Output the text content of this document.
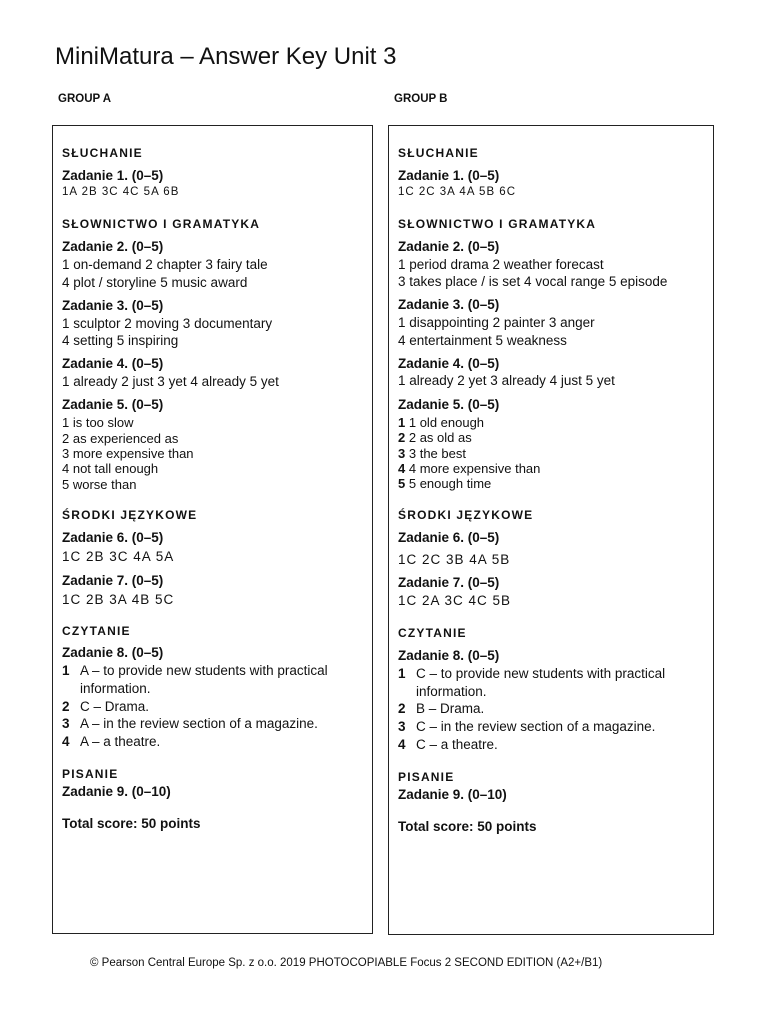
MiniMatura – Answer Key Unit 3
GROUP A	GROUP B
SŁUCHANIE
Zadanie 1. (0–5)
1A 2B 3C 4C 5A 6B
SŁOWNICTWO I GRAMATYKA
Zadanie 2. (0–5)
1 on-demand 2 chapter 3 fairy tale
4 plot / storyline 5 music award
Zadanie 3. (0–5)
1 sculptor 2 moving 3 documentary
4 setting 5 inspiring
Zadanie 4. (0–5)
1 already 2 just 3 yet 4 already 5 yet
Zadanie 5. (0–5)
1 is too slow
2 as experienced as
3 more expensive than
4 not tall enough
5 worse than
ŚRODKI JĘZYKOWE
Zadanie 6. (0–5)
1C 2B 3C 4A 5A
Zadanie 7. (0–5)
1C 2B 3A 4B 5C
CZYTANIE
Zadanie 8. (0–5)
1 A – to provide new students with practical
information.
2 C – Drama.
3 A – in the review section of a magazine.
4 A – a theatre.
PISANIE
Zadanie 9. (0–10)
Total score: 50 points
SŁUCHANIE
Zadanie 1. (0–5)
1C 2C 3A 4A 5B 6C
SŁOWNICTWO I GRAMATYKA
Zadanie 2. (0–5)
1 period drama 2 weather forecast
3 takes place / is set 4 vocal range 5 episode
Zadanie 3. (0–5)
1 disappointing 2 painter 3 anger
4 entertainment 5 weakness
Zadanie 4. (0–5)
1 already 2 yet 3 already 4 just 5 yet
Zadanie 5. (0–5)
1 1 old enough
2 2 as old as
3 3 the best
4 4 more expensive than
5 5 enough time
ŚRODKI JĘZYKOWE
Zadanie 6. (0–5)
1C 2C 3B 4A 5B
Zadanie 7. (0–5)
1C 2A 3C 4C 5B
CZYTANIE
Zadanie 8. (0–5)
1 C – to provide new students with practical
information.
2 B – Drama.
3 C – in the review section of a magazine.
4 C – a theatre.
PISANIE
Zadanie 9. (0–10)
Total score: 50 points
© Pearson Central Europe Sp. z o.o. 2019 PHOTOCOPIABLE Focus 2 SECOND EDITION (A2+/B1)
